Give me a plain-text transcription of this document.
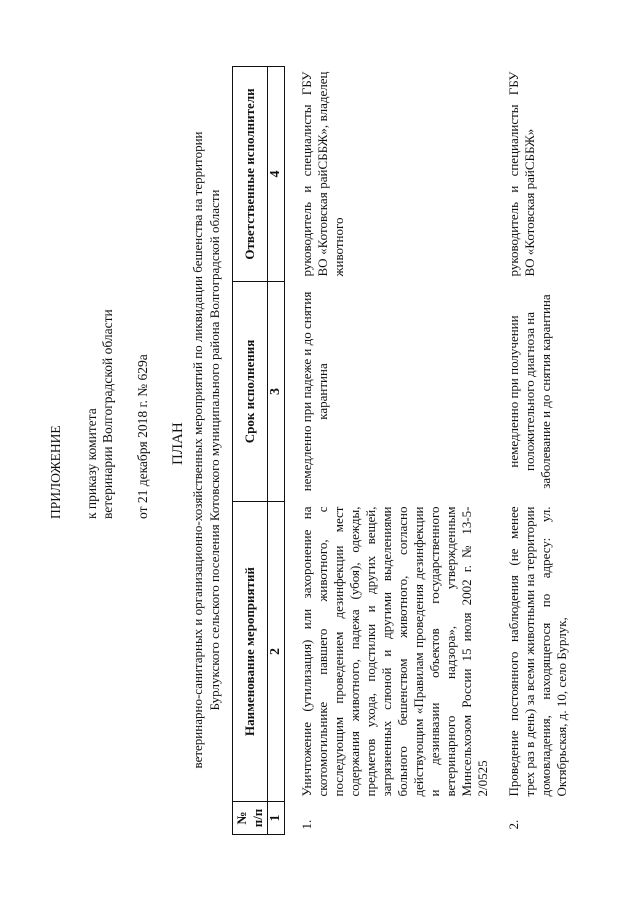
ПРИЛОЖЕНИЕ к приказу комитета ветеринарии Волгоградской области от 21 декабря 2018 г. № 629а ПЛАН ветеринарно-санитарных и организационно-хозяйственных мероприятий по ликвидации бешенства на территории Бурлукского сельского поселения Котовского муниципального района Волгоградской области

№ п/п	Наименование мероприятий	Срок исполнения	Ответственные исполнители
1	2	3	4
1.	Уничтожение (утилизация) или захоронение на скотомогильнике павшего животного, с последующим проведением дезинфекции мест содержания животного, падежа (убоя), одежды, предметов ухода, подстилки и других вещей, загрязненных слюной и другими выделениями больного бешенством животного, согласно действующим «Правилам проведения дезинфекции и дезинвазии объектов государственного ветеринарного надзора», утвержденным Минсельхозом России 15 июля 2002 г. № 13-5-2/0525	немедленно при падеже и до снятия карантина	руководитель и специалисты ГБУ ВО «Котовская райСББЖ», владелец животного
2.	Проведение постоянного наблюдения (не менее трех раз в день) за всеми животными на территории домовладения, находящегося по адресу: ул. Октябрьская, д. 10, село Бурлук,	немедленно при получении положительного диагноза на заболевание и до снятия карантина	руководитель и специалисты ГБУ ВО «Котовская райСББЖ»
